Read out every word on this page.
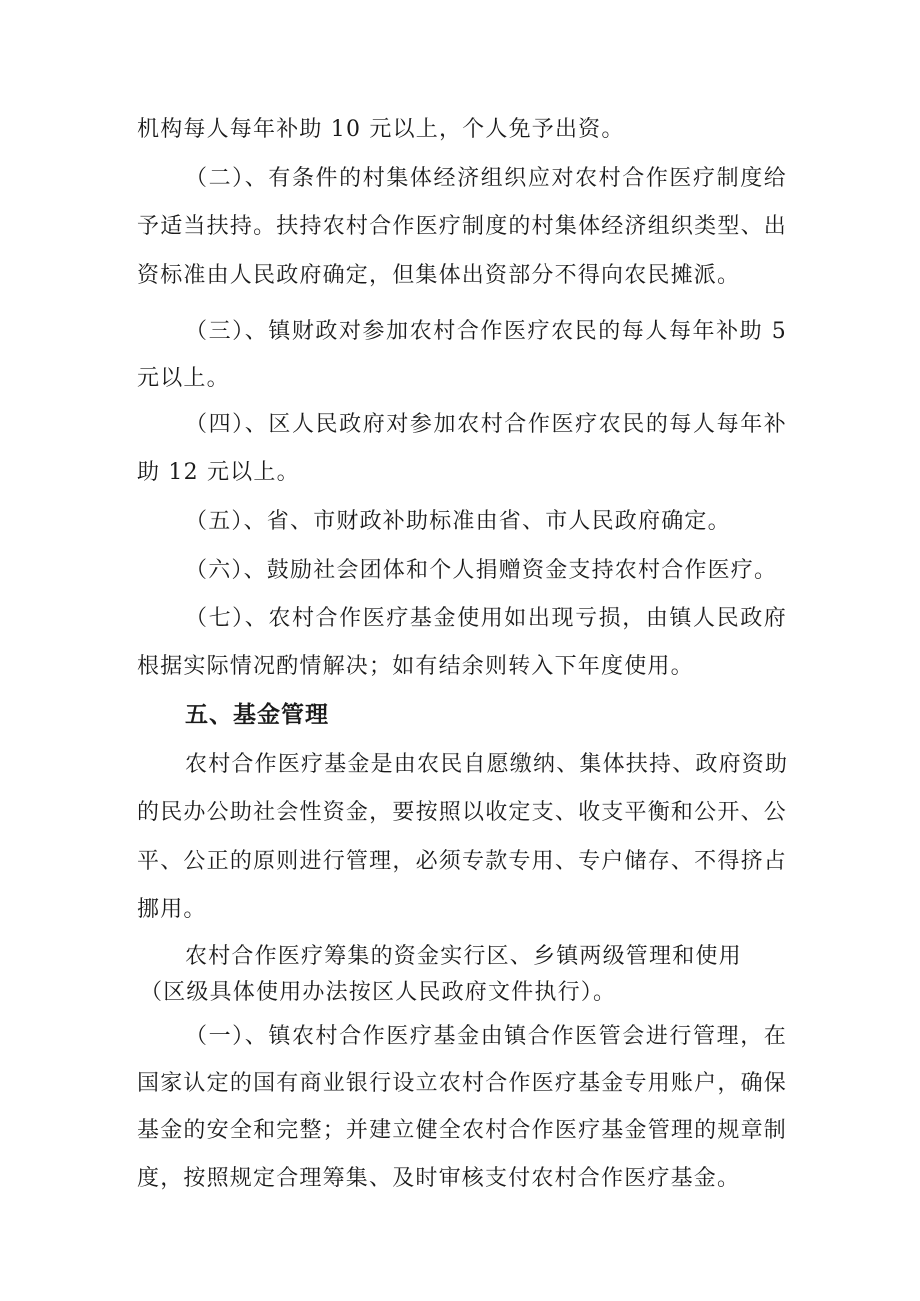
机构每人每年补助 10 元以上，个人免予出资。
（二）、有条件的村集体经济组织应对农村合作医疗制度给
予适当扶持。扶持农村合作医疗制度的村集体经济组织类型、出
资标准由人民政府确定，但集体出资部分不得向农民摊派。
（三）、镇财政对参加农村合作医疗农民的每人每年补助 5
元以上。
（四）、区人民政府对参加农村合作医疗农民的每人每年补
助 12 元以上。
（五）、省、市财政补助标准由省、市人民政府确定。
（六）、鼓励社会团体和个人捐赠资金支持农村合作医疗。
（七）、农村合作医疗基金使用如出现亏损，由镇人民政府
根据实际情况酌情解决；如有结余则转入下年度使用。
五、基金管理
农村合作医疗基金是由农民自愿缴纳、集体扶持、政府资助
的民办公助社会性资金，要按照以收定支、收支平衡和公开、公
平、公正的原则进行管理，必须专款专用、专户储存、不得挤占
挪用。
农村合作医疗筹集的资金实行区、乡镇两级管理和使用
（区级具体使用办法按区人民政府文件执行）。
（一）、镇农村合作医疗基金由镇合作医管会进行管理，在
国家认定的国有商业银行设立农村合作医疗基金专用账户，确保
基金的安全和完整；并建立健全农村合作医疗基金管理的规章制
度，按照规定合理筹集、及时审核支付农村合作医疗基金。
